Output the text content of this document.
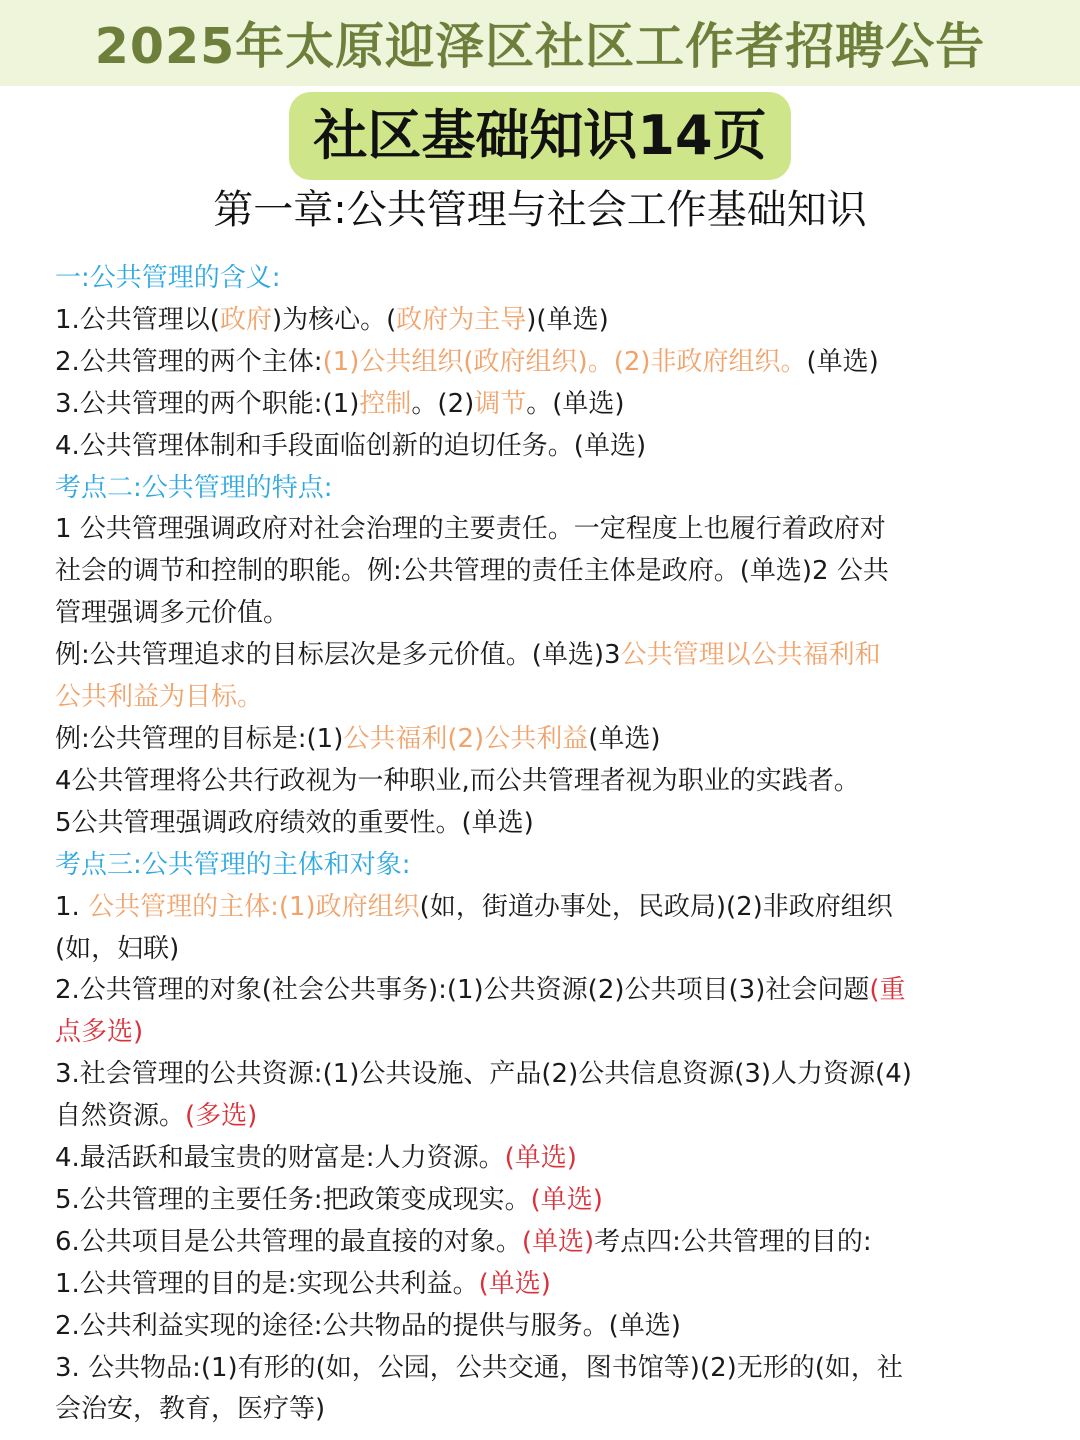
2025年太原迎泽区社区工作者招聘公告
社区基础知识14页
第一章:公共管理与社会工作基础知识
一:公共管理的含义:
1.公共管理以(政府)为核心。(政府为主导)(单选)
2.公共管理的两个主体:(1)公共组织(政府组织)。(2)非政府组织。(单选)
3.公共管理的两个职能:(1)控制。(2)调节。(单选)
4.公共管理体制和手段面临创新的迫切任务。(单选)
考点二:公共管理的特点:
1 公共管理强调政府对社会治理的主要责任。一定程度上也履行着政府对
社会的调节和控制的职能。例:公共管理的责任主体是政府。(单选)2 公共
管理强调多元价值。
例:公共管理追求的目标层次是多元价值。(单选)3公共管理以公共福利和
公共利益为目标。
例:公共管理的目标是:(1)公共福利(2)公共利益(单选)
4公共管理将公共行政视为一种职业,而公共管理者视为职业的实践者。
5公共管理强调政府绩效的重要性。(单选)
考点三:公共管理的主体和对象:
1. 公共管理的主体:(1)政府组织(如，街道办事处，民政局)(2)非政府组织
(如，妇联)
2.公共管理的对象(社会公共事务):(1)公共资源(2)公共项目(3)社会问题(重
点多选)
3.社会管理的公共资源:(1)公共设施、产品(2)公共信息资源(3)人力资源(4)
自然资源。(多选)
4.最活跃和最宝贵的财富是:人力资源。(单选)
5.公共管理的主要任务:把政策变成现实。(单选)
6.公共项目是公共管理的最直接的对象。(单选)考点四:公共管理的目的:
1.公共管理的目的是:实现公共利益。(单选)
2.公共利益实现的途径:公共物品的提供与服务。(单选)
3. 公共物品:(1)有形的(如，公园，公共交通，图书馆等)(2)无形的(如，社
会治安，教育，医疗等)
